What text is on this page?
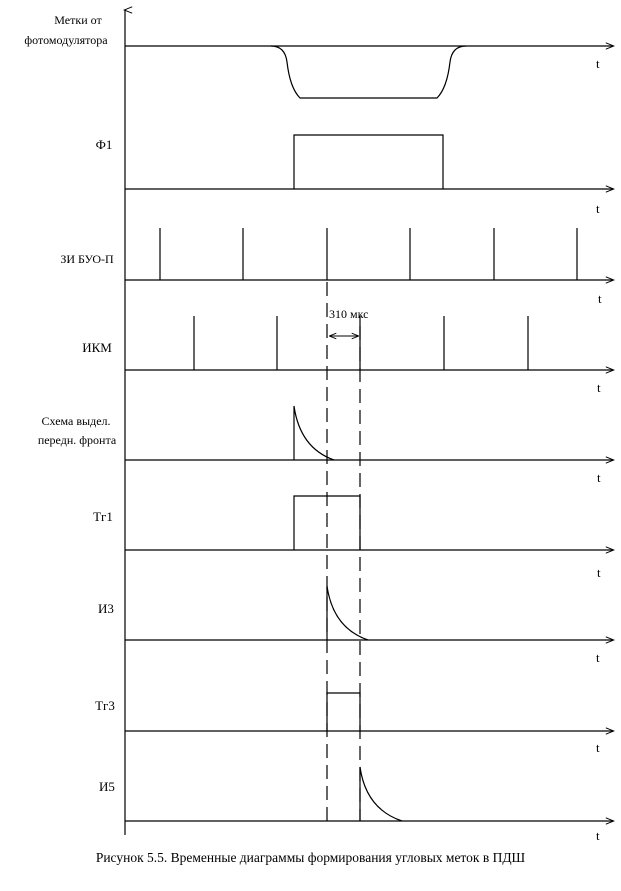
Метки от
фотомодулятора
t
Ф1
t
ЗИ БУО-П
t
ИКМ
t
310 мкс
Схема выдел.
передн. фронта
t
Тг1
t
И3
t
Тг3
t
И5
t
Рисунок 5.5. Временные диаграммы формирования угловых меток в ПДШ
